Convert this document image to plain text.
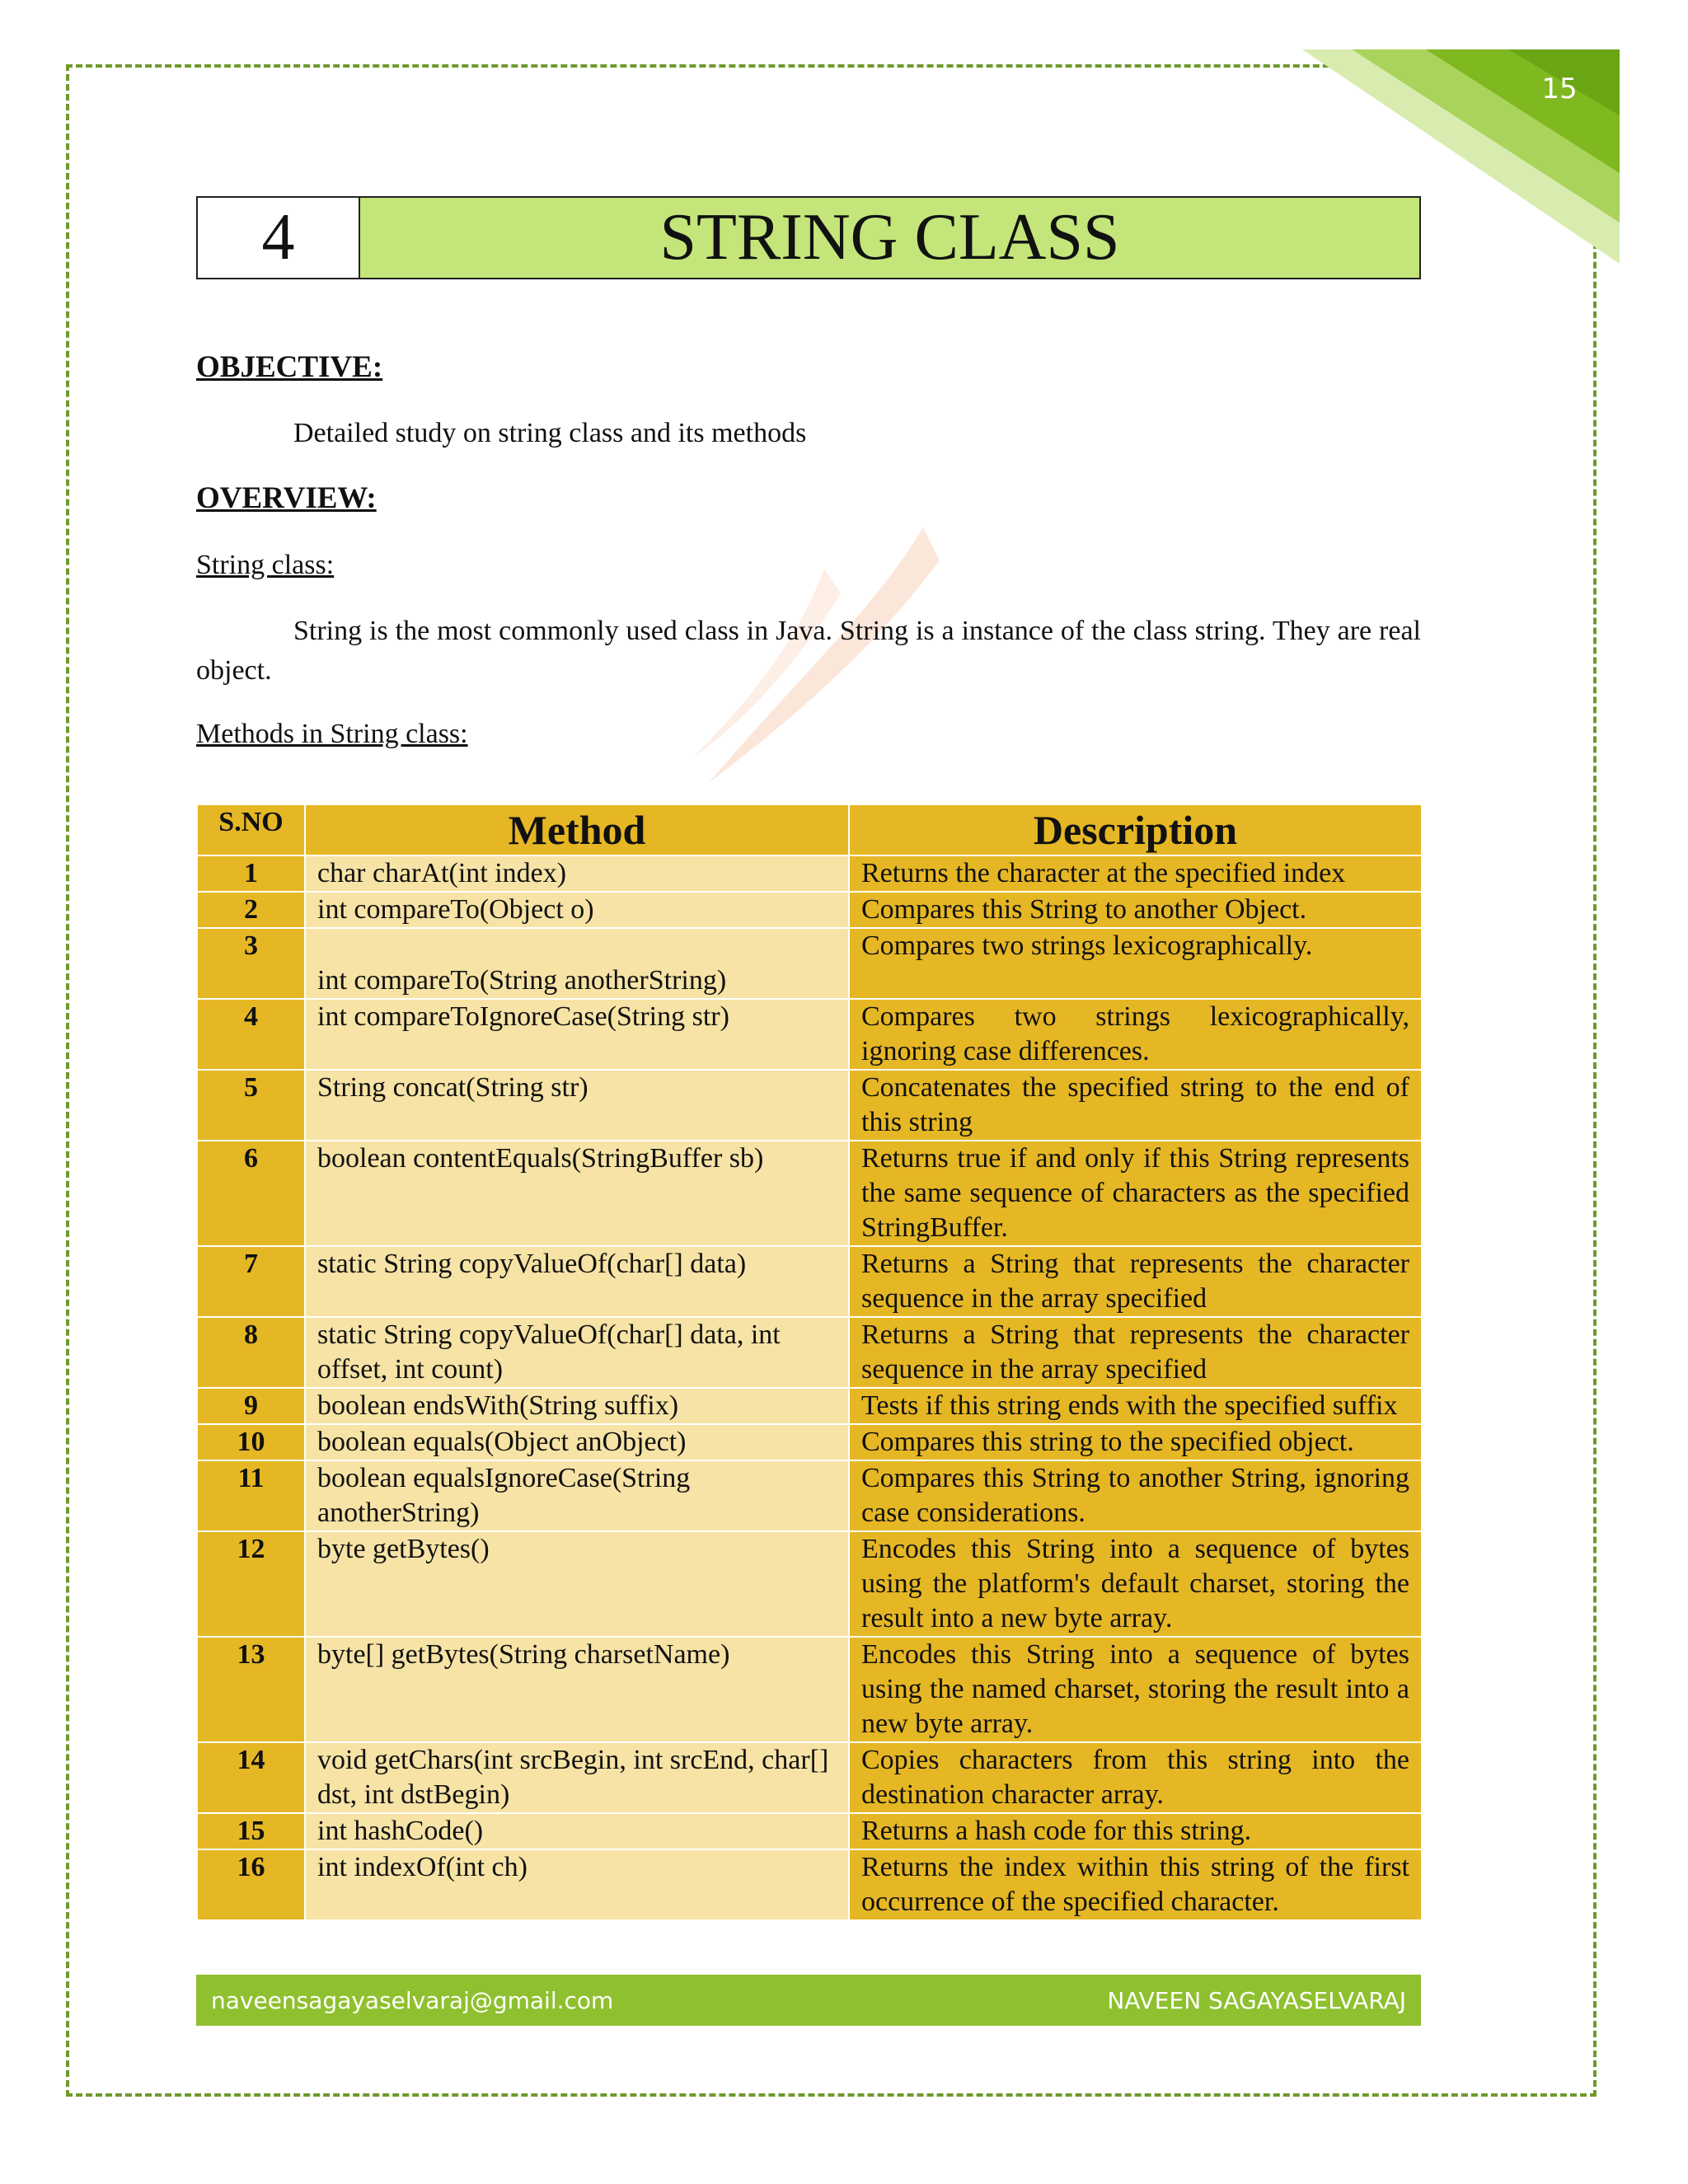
15
4	STRING CLASS
OBJECTIVE:
Detailed study on string class and its methods
OVERVIEW:
String class:
String is the most commonly used class in Java. String is a instance of the class string. They are real object.
Methods in String class:
S.NO	Method	Description
1	char charAt(int index)	Returns the character at the specified index
2	int compareTo(Object o)	Compares this String to another Object.
3	int compareTo(String anotherString)	Compares two strings lexicographically.
4	int compareToIgnoreCase(String str)	Compares two strings lexicographically, ignoring case differences.
5	String concat(String str)	Concatenates the specified string to the end of this string
6	boolean contentEquals(StringBuffer sb)	Returns true if and only if this String represents the same sequence of characters as the specified StringBuffer.
7	static String copyValueOf(char[] data)	Returns a String that represents the character sequence in the array specified
8	static String copyValueOf(char[] data, int offset, int count)	Returns a String that represents the character sequence in the array specified
9	boolean endsWith(String suffix)	Tests if this string ends with the specified suffix
10	boolean equals(Object anObject)	Compares this string to the specified object.
11	boolean equalsIgnoreCase(String anotherString)	Compares this String to another String, ignoring case considerations.
12	byte getBytes()	Encodes this String into a sequence of bytes using the platform's default charset, storing the result into a new byte array.
13	byte[] getBytes(String charsetName)	Encodes this String into a sequence of bytes using the named charset, storing the result into a new byte array.
14	void getChars(int srcBegin, int srcEnd, char[] dst, int dstBegin)	Copies characters from this string into the destination character array.
15	int hashCode()	Returns a hash code for this string.
16	int indexOf(int ch)	Returns the index within this string of the first occurrence of the specified character.
naveensagayaselvaraj@gmail.com	NAVEEN SAGAYASELVARAJ
